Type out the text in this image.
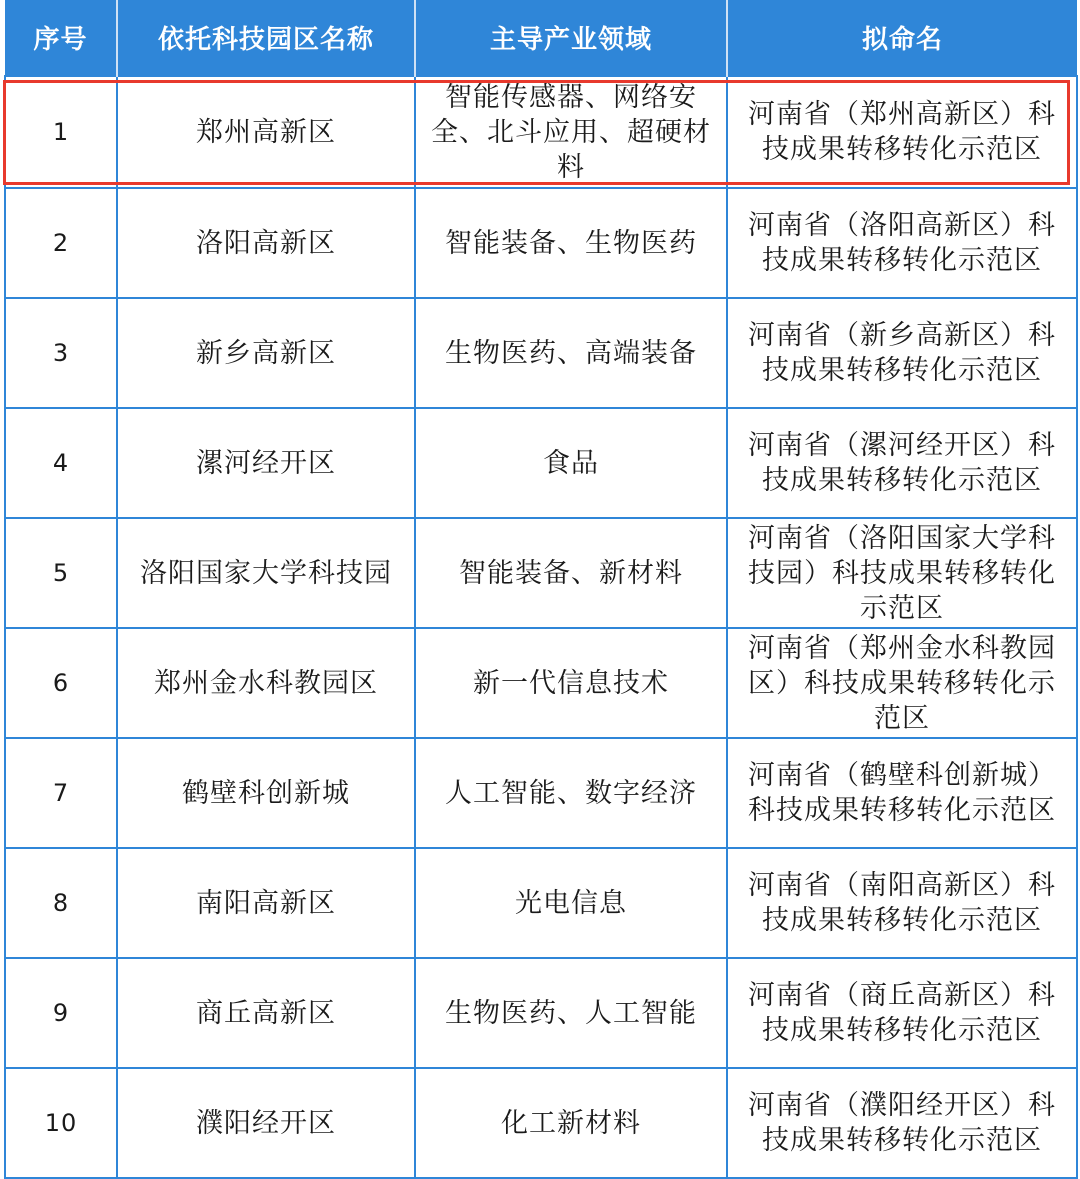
序号	依托科技园区名称	主导产业领域	拟命名
1	郑州高新区	智能传感器、网络安全、北斗应用、超硬材料	河南省（郑州高新区）科技成果转移转化示范区
2	洛阳高新区	智能装备、生物医药	河南省（洛阳高新区）科技成果转移转化示范区
3	新乡高新区	生物医药、高端装备	河南省（新乡高新区）科技成果转移转化示范区
4	漯河经开区	食品	河南省（漯河经开区）科技成果转移转化示范区
5	洛阳国家大学科技园	智能装备、新材料	河南省（洛阳国家大学科技园）科技成果转移转化示范区
6	郑州金水科教园区	新一代信息技术	河南省（郑州金水科教园区）科技成果转移转化示范区
7	鹤壁科创新城	人工智能、数字经济	河南省（鹤壁科创新城）科技成果转移转化示范区
8	南阳高新区	光电信息	河南省（南阳高新区）科技成果转移转化示范区
9	商丘高新区	生物医药、人工智能	河南省（商丘高新区）科技成果转移转化示范区
10	濮阳经开区	化工新材料	河南省（濮阳经开区）科技成果转移转化示范区
